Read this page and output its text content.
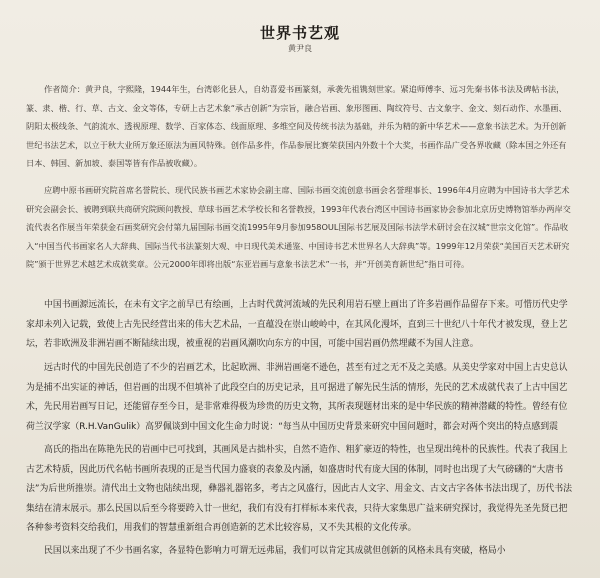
世界书艺观
黄尹良

作者简介：黄尹良，字熙隆，1944年生，台湾彰化县人，自幼喜爱书画篆刻，承袭先祖镌刻世家。紧追师傅李、远习先秦书体书法及碑帖书法，篆、隶、楷、行、草、古文、金文等体，专研上古艺术象“承古创新”为宗旨，融合岩画、象形图画、陶纹符号、古文象字、金文、刻石动作、水墨画、阴阳太极线条、气韵流水、透视原理、数学、百家体态、线面原理、多维空间及传统书法为基础，并乐为精的新中华艺术——意象书法艺术。为开创新世纪书法艺术，以立于秋大业所万象还原法为画风特殊。创作品多件，作品参展比赛荣获国内外数十个大奖，书画作品广受各界收藏（除本国之外还有日本、韩国、新加坡、泰国等皆有作品被收藏）。

应聘中原书画研究院首席名誉院长、现代民族书画艺术家协会副主席、国际书画交流创意书画会名誉理事长、1996年4月应聘为中国诗书大学艺术研究会副会长、被聘到联共商研究院顾问教授、草球书画艺术学校长和名誉教授，1993年代表台湾区中国诗书画家协会参加北京历史博物馆举办两岸交流代表名作展当年荣获金石画奖研究会付第九届国际书画交流1995年9月参加958OUL国际书艺展及国际书法学术研讨会在汉城“世宗文化馆”。作品收入“中国当代书画家名人大辞典、国际当代书法篆刻大观、中日现代美术通鉴、中国诗书艺术世界名人大辞典”等。1999年12月荣获“美国百天艺术研究院”颁于世界艺术越艺术成就奖章。公元2000年即将出版“东亚岩画与意象书法艺术”一书，并“开创美育新世纪”指日可待。

中国书画源远流长，在未有文字之前早已有绘画，上古时代黄河流域的先民利用岩石壁上画出了许多岩画作品留存下来。可惜历代史学家却未列入记载，致使上古先民经营出来的伟大艺术品，一直蕴没在崇山峻岭中，在其风化漫坏，直到三十世纪八十年代才被发现，登上艺坛，若非欧洲及非洲岩画不断陆续出现，被重视的岩画风潮吹向东方的中国，可能中国岩画仍然埋藏不为国人注意。

远古时代的中国先民创造了不少的岩画艺术，比起欧洲、非洲岩画毫不逊色，甚至有过之无不及之美感。从美史学家对中国上古史总认为是捕不出实证的神话，但岩画的出现不但填补了此段空白的历史记录，且可据进了解先民生活的情形，先民的艺术成就代表了上古中国艺术，先民用岩画写日记，还能留存至今日，是非常难得极为珍贵的历史文物，其所表现题材出来的是中华民族的精神潜藏的特性。曾经有位荷兰汉学家（R.H.VanGulik）高罗佩谈到中国文化生命力时说：“每当从中国历史背景来研究中国问题时，都会对两个突出的特点感到震

高氏的指出在陈艳先民的岩画中已可找到，其画风是古拙朴实，自然不造作、粗犷豪迈的特性，也呈现出纯朴的民族性。代表了我国上古艺术特质，因此历代名帖书画所表现的正是当代国力盛衰的表象及内涵，如盛唐时代有庞大国的体制，同时也出现了大气磅礴的“大唐书法”为后世所推崇。清代出土文物也陆续出现，彝器礼器铭多，考古之风盛行，因此古人文字、用金文、古文古字各体书法出现了，历代书法集结在清末展示。那么民国以后至今将要跨入廿一世纪，我们有没有打样标本来代表，只待大家集思广益来研究探讨，我觉得先圣先贤已把各种参考资料交给我们，用我们的智慧重新组合再创造新的艺术比较容易，又不失其根的文化传承。

民国以来出现了不少书画名家，各显特色影响力可谓无远弗届，我们可以肯定其成就但创新的风格未具有突破，格局小
